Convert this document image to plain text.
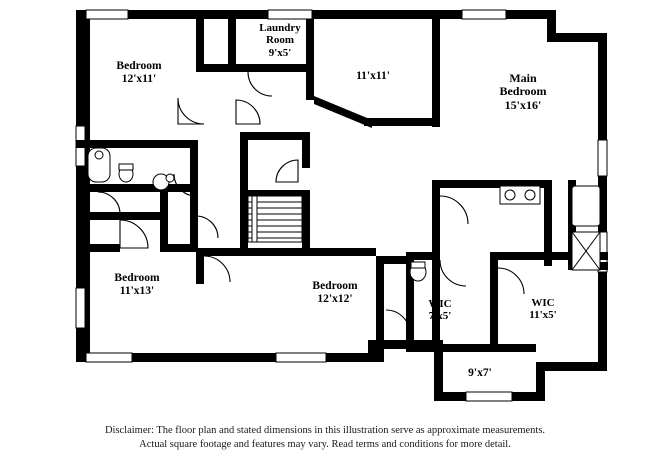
Bedroom
12'x11'
Laundry
Room
9'x5'
11'x11'	Main
Bedroom
15'x16'
Bedroom
11'x13'	Bedroom
12'x12'	WIC
7'x5'
WIC
11'x5'
9'x7'
Disclaimer: The floor plan and stated dimensions in this illustration serve as approximate measurements.
Actual square footage and features may vary. Read terms and conditions for more detail.
